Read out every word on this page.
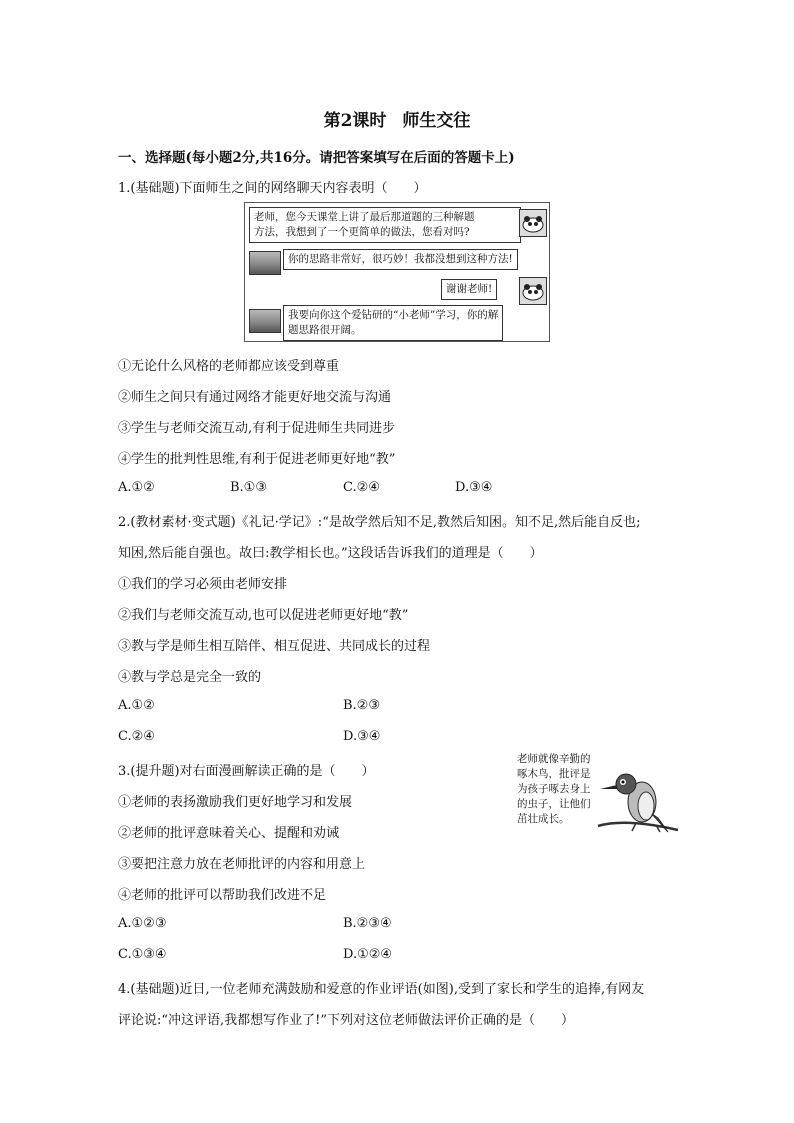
第2课时 师生交往
一、选择题(每小题2分,共16分。请把答案填写在后面的答题卡上)
1.(基础题)下面师生之间的网络聊天内容表明（　　）
老师，您今天课堂上讲了最后那道题的三种解题
方法，我想到了一个更简单的做法，您看对吗?
你的思路非常好，很巧妙！我都没想到这种方法!
谢谢老师!
我要向你这个爱钻研的“小老师”学习，你的解
题思路很开阔。
①无论什么风格的老师都应该受到尊重
②师生之间只有通过网络才能更好地交流与沟通
③学生与老师交流互动,有利于促进师生共同进步
④学生的批判性思维,有利于促进老师更好地“教”
A.①②	B.①③	C.②④	D.③④
2.(教材素材·变式题)《礼记·学记》:“是故学然后知不足,教然后知困。知不足,然后能自反也;
知困,然后能自强也。故曰:教学相长也。”这段话告诉我们的道理是（　　）
①我们的学习必须由老师安排
②我们与老师交流互动,也可以促进老师更好地“教”
③教与学是师生相互陪伴、相互促进、共同成长的过程
④教与学总是完全一致的
A.①②	B.②③
C.②④	D.③④
3.(提升题)对右面漫画解读正确的是（　　）
①老师的表扬激励我们更好地学习和发展
②老师的批评意味着关心、提醒和劝诫
③要把注意力放在老师批评的内容和用意上
④老师的批评可以帮助我们改进不足
A.①②③	B.②③④
C.①③④	D.①②④
老师就像辛勤的
啄木鸟，批评是
为孩子啄去身上
的虫子，让他们
茁壮成长。
4.(基础题)近日,一位老师充满鼓励和爱意的作业评语(如图),受到了家长和学生的追捧,有网友
评论说:“冲这评语,我都想写作业了!”下列对这位老师做法评价正确的是（　　）
